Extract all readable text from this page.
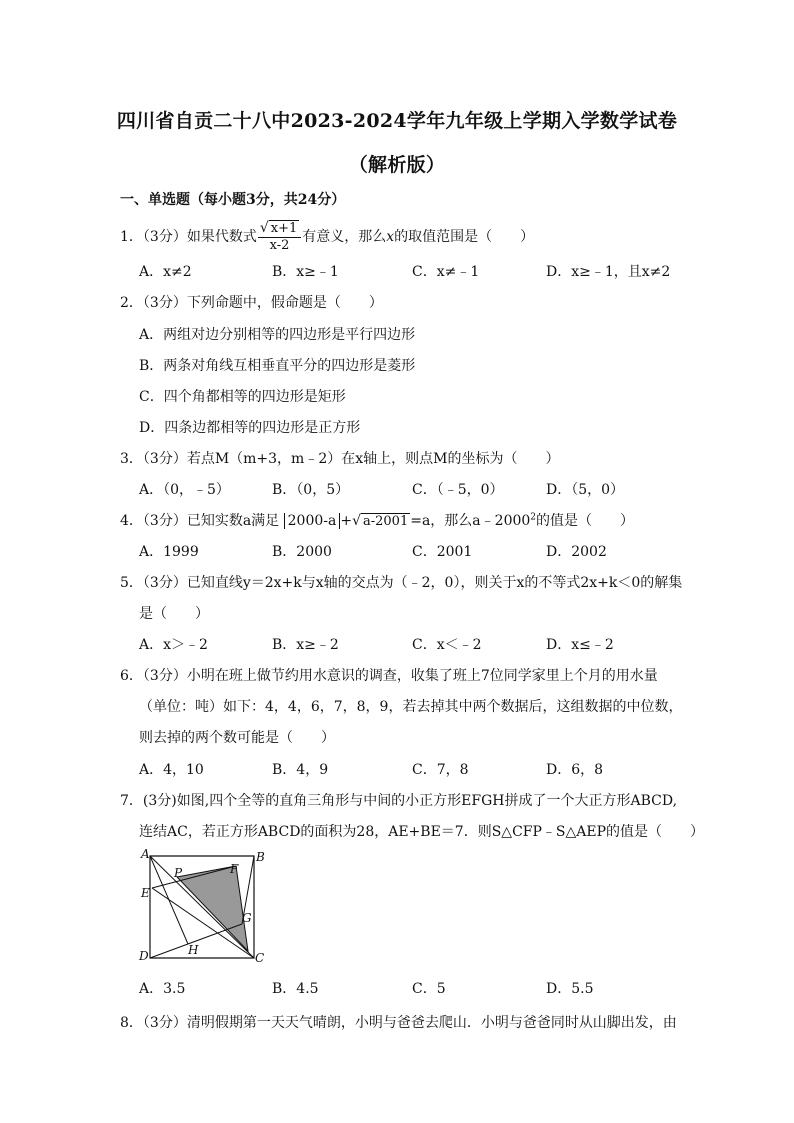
四川省自贡二十八中2023-2024学年九年级上学期入学数学试卷
（解析版）
一、单选题（每小题3分，共24分）
1．（3分）如果代数式 $\frac{√ x+1}{x-2}$ 有意义，那么x的取值范围是（　　）
A．x≠2	B．x≥﹣1	C．x≠﹣1	D．x≥﹣1，且x≠2
2．（3分）下列命题中，假命题是（　　）
A．两组对边分别相等的四边形是平行四边形
B．两条对角线互相垂直平分的四边形是菱形
C．四个角都相等的四边形是矩形
D．四条边都相等的四边形是正方形
3．（3分）若点M（m+3，m﹣2）在x轴上，则点M的坐标为（　　）
A．（0，﹣5）	B．（0，5）	C．（﹣5，0）	D．（5，0）
4．（3分）已知实数a满足 2000-a +√ a-2001 =a，那么a﹣2000$^2$的值是（　　）
A．1999	B．2000	C．2001	D．2002
5．（3分）已知直线y＝2x+k与x轴的交点为（﹣2，0），则关于x的不等式2x+k＜0的解集
是（　　）
A．x＞﹣2	B．x≥﹣2	C．x＜﹣2	D．x≤﹣2
6．（3分）小明在班上做节约用水意识的调查，收集了班上7位同学家里上个月的用水量
（单位：吨）如下：4，4，6，7，8，9，若去掉其中两个数据后，这组数据的中位数，
则去掉的两个数可能是（　　）
A．4，10	B．4，9	C．7，8	D．6，8
7．(3分)如图,四个全等的直角三角形与中间的小正方形EFGH拼成了一个大正方形ABCD,
连结AC，若正方形ABCD的面积为28，AE+BE＝7．则S△CFP﹣S△AEP的值是（　　）
A	B
C
D
E
F
G
H
P
A．3.5	B．4.5	C．5	D．5.5
8．（3分）清明假期第一天天气晴朗，小明与爸爸去爬山．小明与爸爸同时从山脚出发，由
